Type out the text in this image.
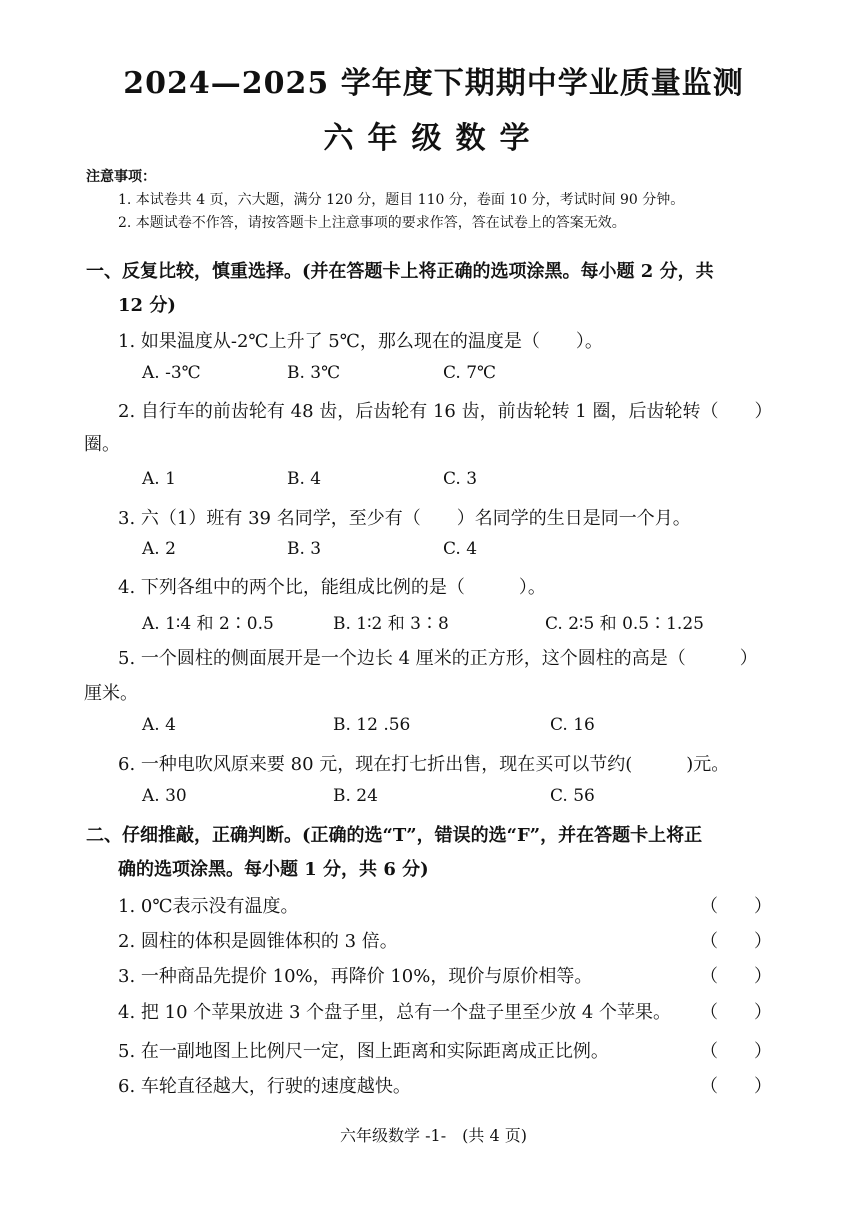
2024—2025 学年度下期期中学业质量监测
六年级数学
注意事项：
1. 本试卷共 4 页，六大题，满分 120 分，题目 110 分，卷面 10 分，考试时间 90 分钟。
2. 本题试卷不作答，请按答题卡上注意事项的要求作答，答在试卷上的答案无效。
一、反复比较，慎重选择。(并在答题卡上将正确的选项涂黑。每小题 2 分，共
12 分)
1. 如果温度从-2℃上升了 5℃，那么现在的温度是（　　）。
A. -3℃	B. 3℃	C. 7℃
2. 自行车的前齿轮有 48 齿，后齿轮有 16 齿，前齿轮转 1 圈，后齿轮转（　　）
圈。
A. 1	B. 4	C. 3
3. 六（1）班有 39 名同学，至少有（　　）名同学的生日是同一个月。
A. 2	B. 3	C. 4
4. 下列各组中的两个比，能组成比例的是（　　　）。
A. 1∶4 和 2∶0.5	B. 1∶2 和 3∶8	C. 2∶5 和 0.5∶1.25
5. 一个圆柱的侧面展开是一个边长 4 厘米的正方形，这个圆柱的高是（　　　）
厘米。
A. 4	B. 12 .56	C. 16
6. 一种电吹风原来要 80 元，现在打七折出售，现在买可以节约(　　　)元。
A. 30	B. 24	C. 56
二、仔细推敲，正确判断。(正确的选“T”，错误的选“F”，并在答题卡上将正
确的选项涂黑。每小题 1 分，共 6 分)
1. 0℃表示没有温度。	（　　）
2. 圆柱的体积是圆锥体积的 3 倍。	（　　）
3. 一种商品先提价 10%，再降价 10%，现价与原价相等。	（　　）
4. 把 10 个苹果放进 3 个盘子里，总有一个盘子里至少放 4 个苹果。 （　　）
5. 在一副地图上比例尺一定，图上距离和实际距离成正比例。	（　　）
6. 车轮直径越大，行驶的速度越快。	（　　）
六年级数学 -1-　(共 4 页)
